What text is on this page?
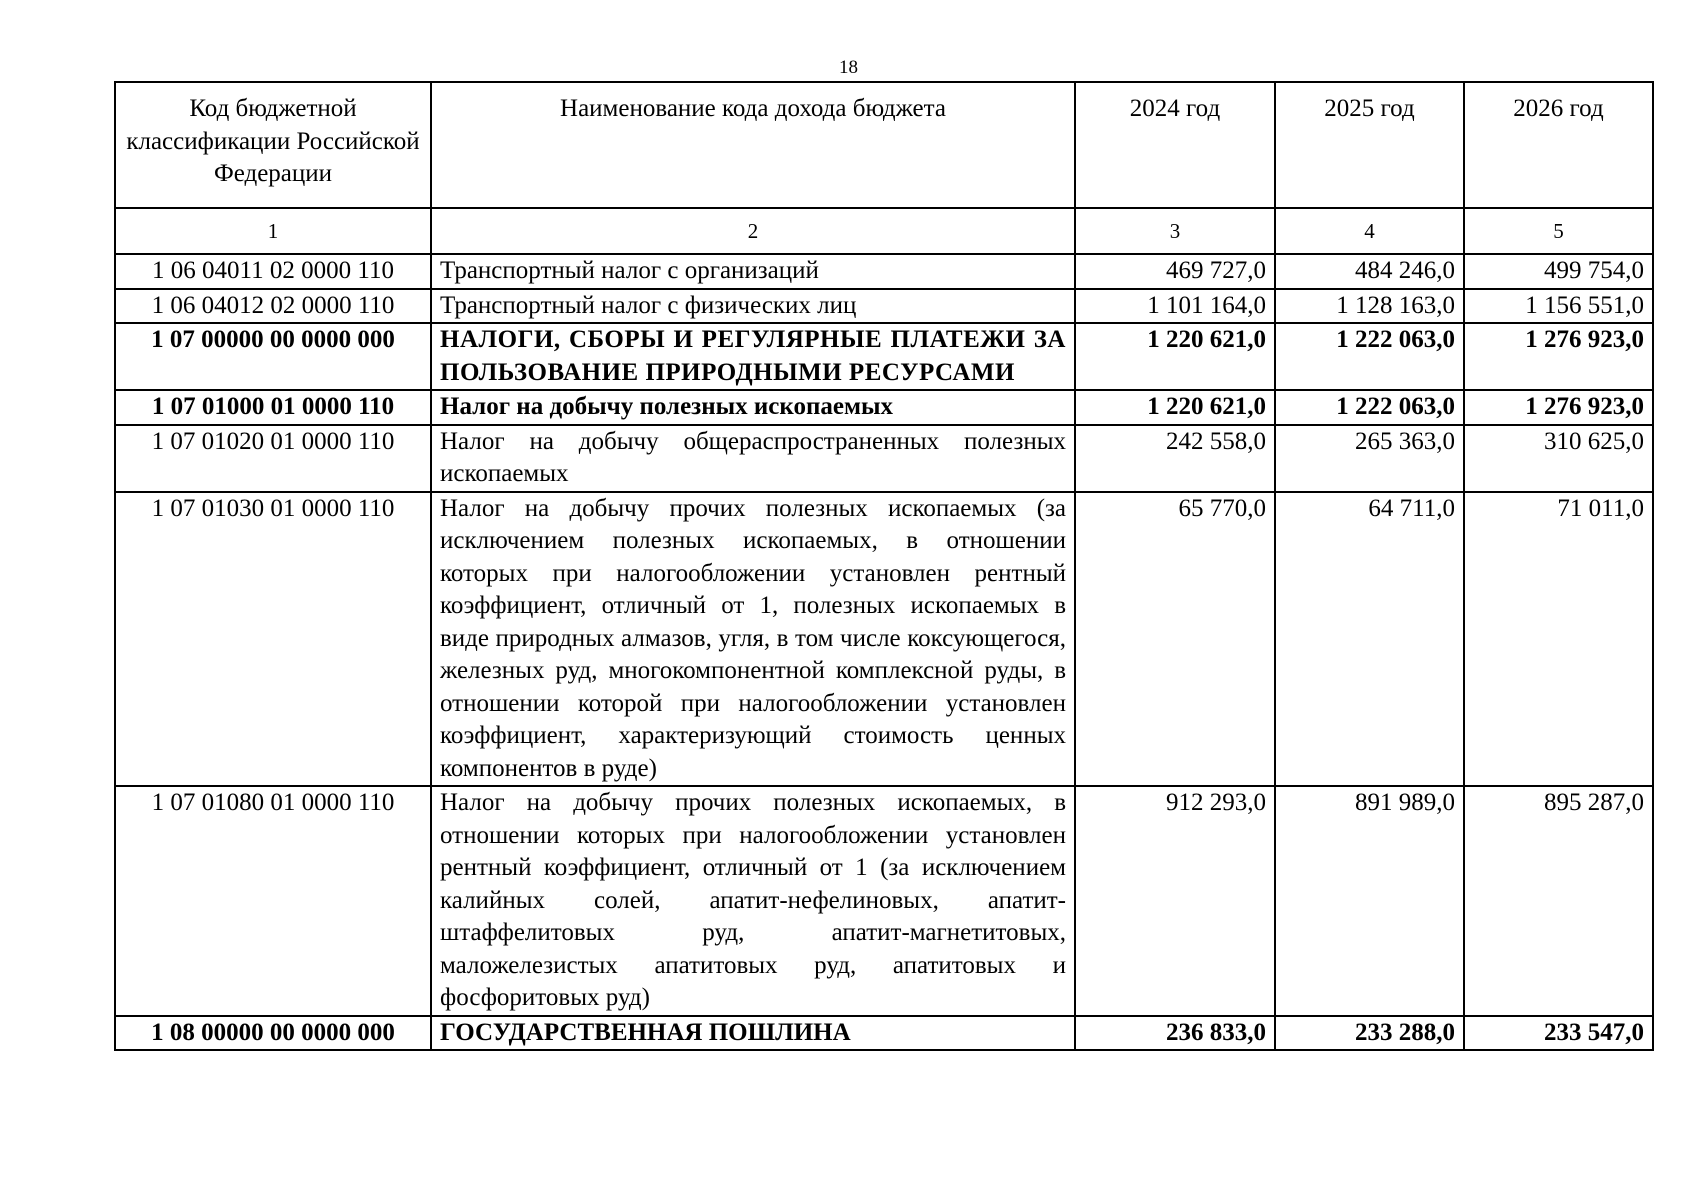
18
Код бюджетной классификации Российской Федерации	Наименование кода дохода бюджета	2024 год	2025 год	2026 год
1	2	3	4	5
1 06 04011 02 0000 110	Транспортный налог с организаций	469 727,0	484 246,0	499 754,0
1 06 04012 02 0000 110	Транспортный налог с физических лиц	1 101 164,0	1 128 163,0	1 156 551,0
1 07 00000 00 0000 000	НАЛОГИ, СБОРЫ И РЕГУЛЯРНЫЕ ПЛАТЕЖИ ЗА ПОЛЬЗОВАНИЕ ПРИРОДНЫМИ РЕСУРСАМИ	1 220 621,0	1 222 063,0	1 276 923,0
1 07 01000 01 0000 110	Налог на добычу полезных ископаемых	1 220 621,0	1 222 063,0	1 276 923,0
1 07 01020 01 0000 110	Налог на добычу общераспространенных полезных ископаемых	242 558,0	265 363,0	310 625,0
1 07 01030 01 0000 110	Налог на добычу прочих полезных ископаемых (за исключением полезных ископаемых, в отношении которых при налогообложении установлен рентный коэффициент, отличный от 1, полезных ископаемых в виде природных алмазов, угля, в том числе коксующегося, железных руд, многокомпонентной комплексной руды, в отношении которой при налогообложении установлен коэффициент, характеризующий стоимость ценных компонентов в руде)	65 770,0	64 711,0	71 011,0
1 07 01080 01 0000 110	Налог на добычу прочих полезных ископаемых, в отношении которых при налогообложении установлен рентный коэффициент, отличный от 1 (за исключением калийных солей, апатит-нефелиновых, апатит-штаффелитовых руд, апатит-магнетитовых, маложелезистых апатитовых руд, апатитовых и фосфоритовых руд)	912 293,0	891 989,0	895 287,0
1 08 00000 00 0000 000	ГОСУДАРСТВЕННАЯ ПОШЛИНА	236 833,0	233 288,0	233 547,0
